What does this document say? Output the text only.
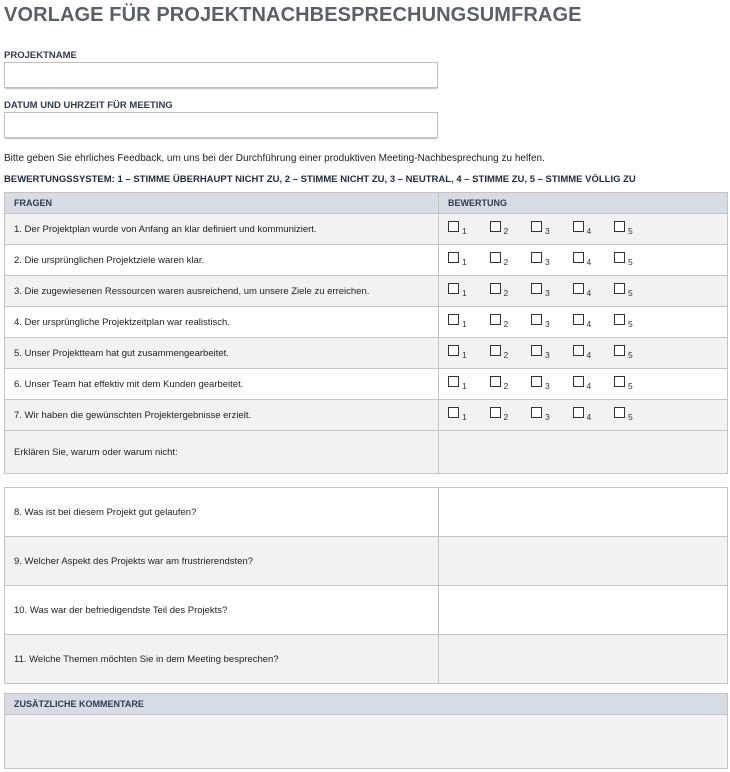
VORLAGE FÜR PROJEKTNACHBESPRECHUNGSUMFRAGE
PROJEKTNAME
DATUM UND UHRZEIT FÜR MEETING
Bitte geben Sie ehrliches Feedback, um uns bei der Durchführung einer produktiven Meeting-Nachbesprechung zu helfen.
BEWERTUNGSSYSTEM: 1 – STIMME ÜBERHAUPT NICHT ZU, 2 – STIMME NICHT ZU, 3 – NEUTRAL, 4 – STIMME ZU, 5 – STIMME VÖLLIG ZU
FRAGEN	BEWERTUNG
1. Der Projektplan wurde von Anfang an klar definiert und kommuniziert.	1 2 3 4 5

2. Die ursprünglichen Projektziele waren klar.	1 2 3 4 5

3. Die zugewiesenen Ressourcen waren ausreichend, um unsere Ziele zu erreichen.	1 2 3 4 5

4. Der ursprüngliche Projektzeitplan war realistisch.	1 2 3 4 5

5. Unser Projektteam hat gut zusammengearbeitet.	1 2 3 4 5

6. Unser Team hat effektiv mit dem Kunden gearbeitet.	1 2 3 4 5

7. Wir haben die gewünschten Projektergebnisse erzielt.	1 2 3 4 5

Erklären Sie, warum oder warum nicht:	
8. Was ist bei diesem Projekt gut gelaufen?	
9. Welcher Aspekt des Projekts war am frustrierendsten?	
10. Was war der befriedigendste Teil des Projekts?	
11. Welche Themen möchten Sie in dem Meeting besprechen?	
ZUSÄTZLICHE KOMMENTARE
